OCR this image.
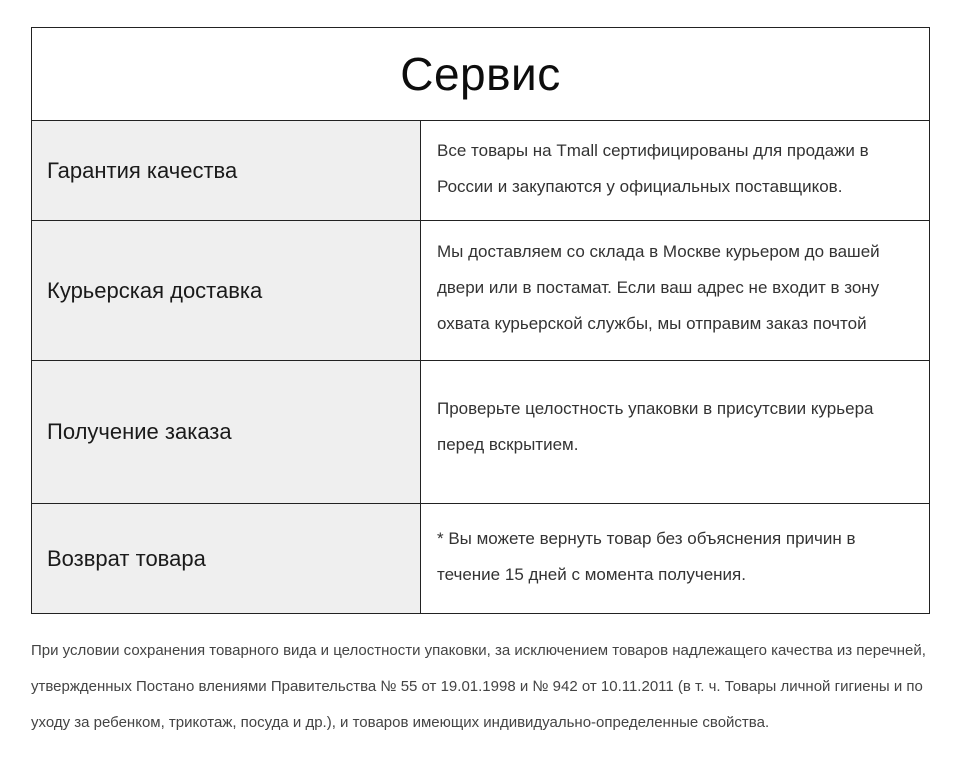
Сервис
Гарантия качества
Все товары на Tmall сертифицированы для продажи в России и закупаются у официальных поставщиков.
Курьерская доставка
Мы доставляем со склада в Москве курьером до вашей двери или в постамат. Если ваш адрес не входит в зону охвата курьерской службы, мы отправим заказ почтой
Получение заказа
Проверьте целостность упаковки в присутсвии курьера перед вскрытием.
Возврат товара
* Вы можете вернуть товар без объяснения причин в течение 15 дней с момента получения.
При условии сохранения товарного вида и целостности упаковки, за исключением товаров надлежащего качества из перечней, утвержденных Постано влениями Правительства № 55 от 19.01.1998 и № 942 от 10.11.2011 (в т. ч. Товары личной гигиены и по уходу за ребенком, трикотаж, посуда и др.), и товаров имеющих индивидуально-определенные свойства.
